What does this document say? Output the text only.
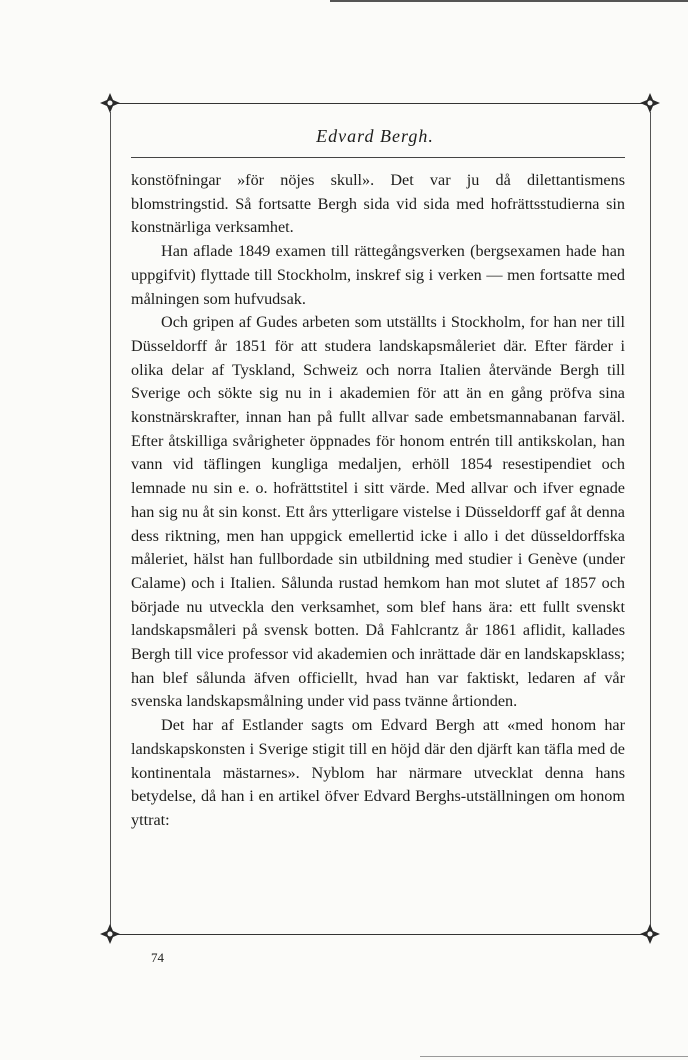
Edvard Bergh.

konstöfningar »för nöjes skull». Det var ju då dilettantismens blomstringstid. Så fortsatte Bergh sida vid sida med hofrättsstudierna sin konstnärliga verksamhet.

Han aflade 1849 examen till rättegångsverken (bergsexamen hade han uppgifvit) flyttade till Stockholm, inskref sig i verken — men fortsatte med målningen som hufvudsak.

Och gripen af Gudes arbeten som utställts i Stockholm, for han ner till Düsseldorff år 1851 för att studera landskapsmåleriet där. Efter färder i olika delar af Tyskland, Schweiz och norra Italien återvände Bergh till Sverige och sökte sig nu in i akademien för att än en gång pröfva sina konstnärskrafter, innan han på fullt allvar sade embetsmannabanan farväl. Efter åtskilliga svårigheter öppnades för honom entrén till antikskolan, han vann vid täflingen kungliga medaljen, erhöll 1854 resestipendiet och lemnade nu sin e. o. hofrättstitel i sitt värde. Med allvar och ifver egnade han sig nu åt sin konst. Ett års ytterligare vistelse i Düsseldorff gaf åt denna dess riktning, men han uppgick emellertid icke i allo i det düsseldorffska måleriet, hälst han fullbordade sin utbildning med studier i Genève (under Calame) och i Italien. Sålunda rustad hemkom han mot slutet af 1857 och började nu utveckla den verksamhet, som blef hans ära: ett fullt svenskt landskapsmåleri på svensk botten. Då Fahlcrantz år 1861 aflidit, kallades Bergh till vice professor vid akademien och inrättade där en landskapsklass; han blef sålunda äfven officiellt, hvad han var faktiskt, ledaren af vår svenska landskapsmålning under vid pass tvänne årtionden.

Det har af Estlander sagts om Edvard Bergh att «med honom har landskapskonsten i Sverige stigit till en höjd där den djärft kan täfla med de kontinentala mästarnes». Nyblom har närmare utvecklat denna hans betydelse, då han i en artikel öfver Edvard Berghs-utställningen om honom yttrat:

74
